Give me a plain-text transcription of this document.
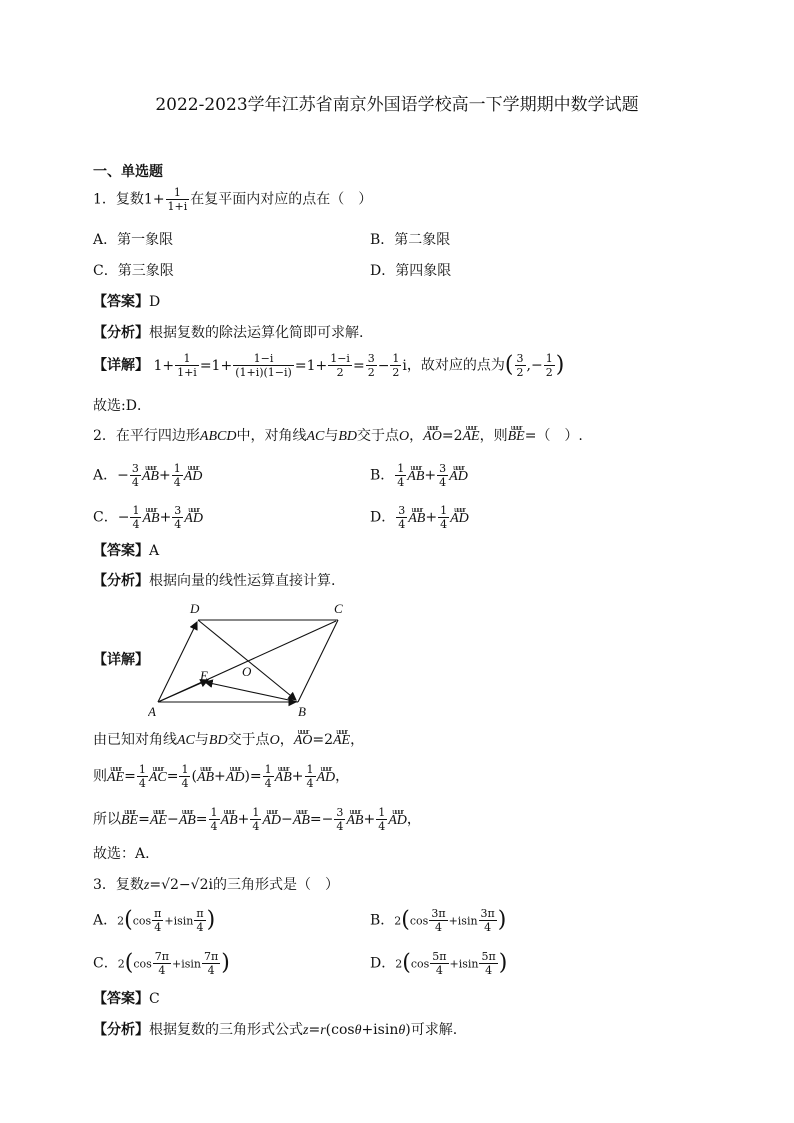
2022-2023学年江苏省南京外国语学校高一下学期期中数学试题
一、单选题
1．复数$1+ \frac{1}{1+i}$ 在复平面内对应的点在（　）
A．第一象限	B．第二象限
C．第三象限	D．第四象限
【答案】D
【分析】根据复数的除法运算化简即可求解.
【详解】 $1+ \frac{1}{1+i} =1+ \frac{1-i}{(1+i)(1-i)} =1+ \frac{1-i}{2} = \frac{3}{2} - \frac{1}{2}$ i，故对应的点为( $\frac{3}{2}$ ,− $\frac{1}{2}$ )
故选:D．
2．在平行四边形ABCD中，对角线AC与BD交于点O，uuur AO=2uuur AE，则uuur BE=（　）.
A．− $\frac{3}{4}$ uuur $AB+ \frac{1}{4}$ uuur AD	B． $\frac{1}{4}$ uuur $AB+ \frac{3}{4}$ uuur AD
C．− $\frac{1}{4}$ uuur $AB+ \frac{3}{4}$ uuur AD	D． $\frac{3}{4}$ uuur $AB+ \frac{1}{4}$ uuur AD
【答案】A
【分析】根据向量的线性运算直接计算.
【详解】
A	B
C
D
O
E
由已知对角线AC与BD交于点O，uuur AO=2uuur AE，
则uuur $AE= \frac{1}{4}$ uuur $AC= \frac{1}{4}$ (uuur AB+uuur $AD)= \frac{1}{4}$ uuur $AB+ \frac{1}{4}$ uuur AD，
所以uuur BE=uuur AE−uuur $AB= \frac{1}{4}$ uuur $AB+ \frac{1}{4}$ uuur AD−uuur $AB=- \frac{3}{4}$ uuur $AB+ \frac{1}{4}$ uuur AD，
故选：A.
3．复数z=√2−√2i的三角形式是（　）
A．$2(\cos \frac{\pi}{4} +isin \frac{\pi}{4}$ )	B．$2(\cos \frac{3\pi}{4} +isin \frac{3\pi}{4}$ )
C．$2(\cos \frac{7\pi}{4} +isin \frac{7\pi}{4}$ )	D．$2(\cos \frac{5\pi}{4} +isin \frac{5\pi}{4}$ )
【答案】C
【分析】根据复数的三角形式公式z=r(cosθ+isinθ)可求解.
